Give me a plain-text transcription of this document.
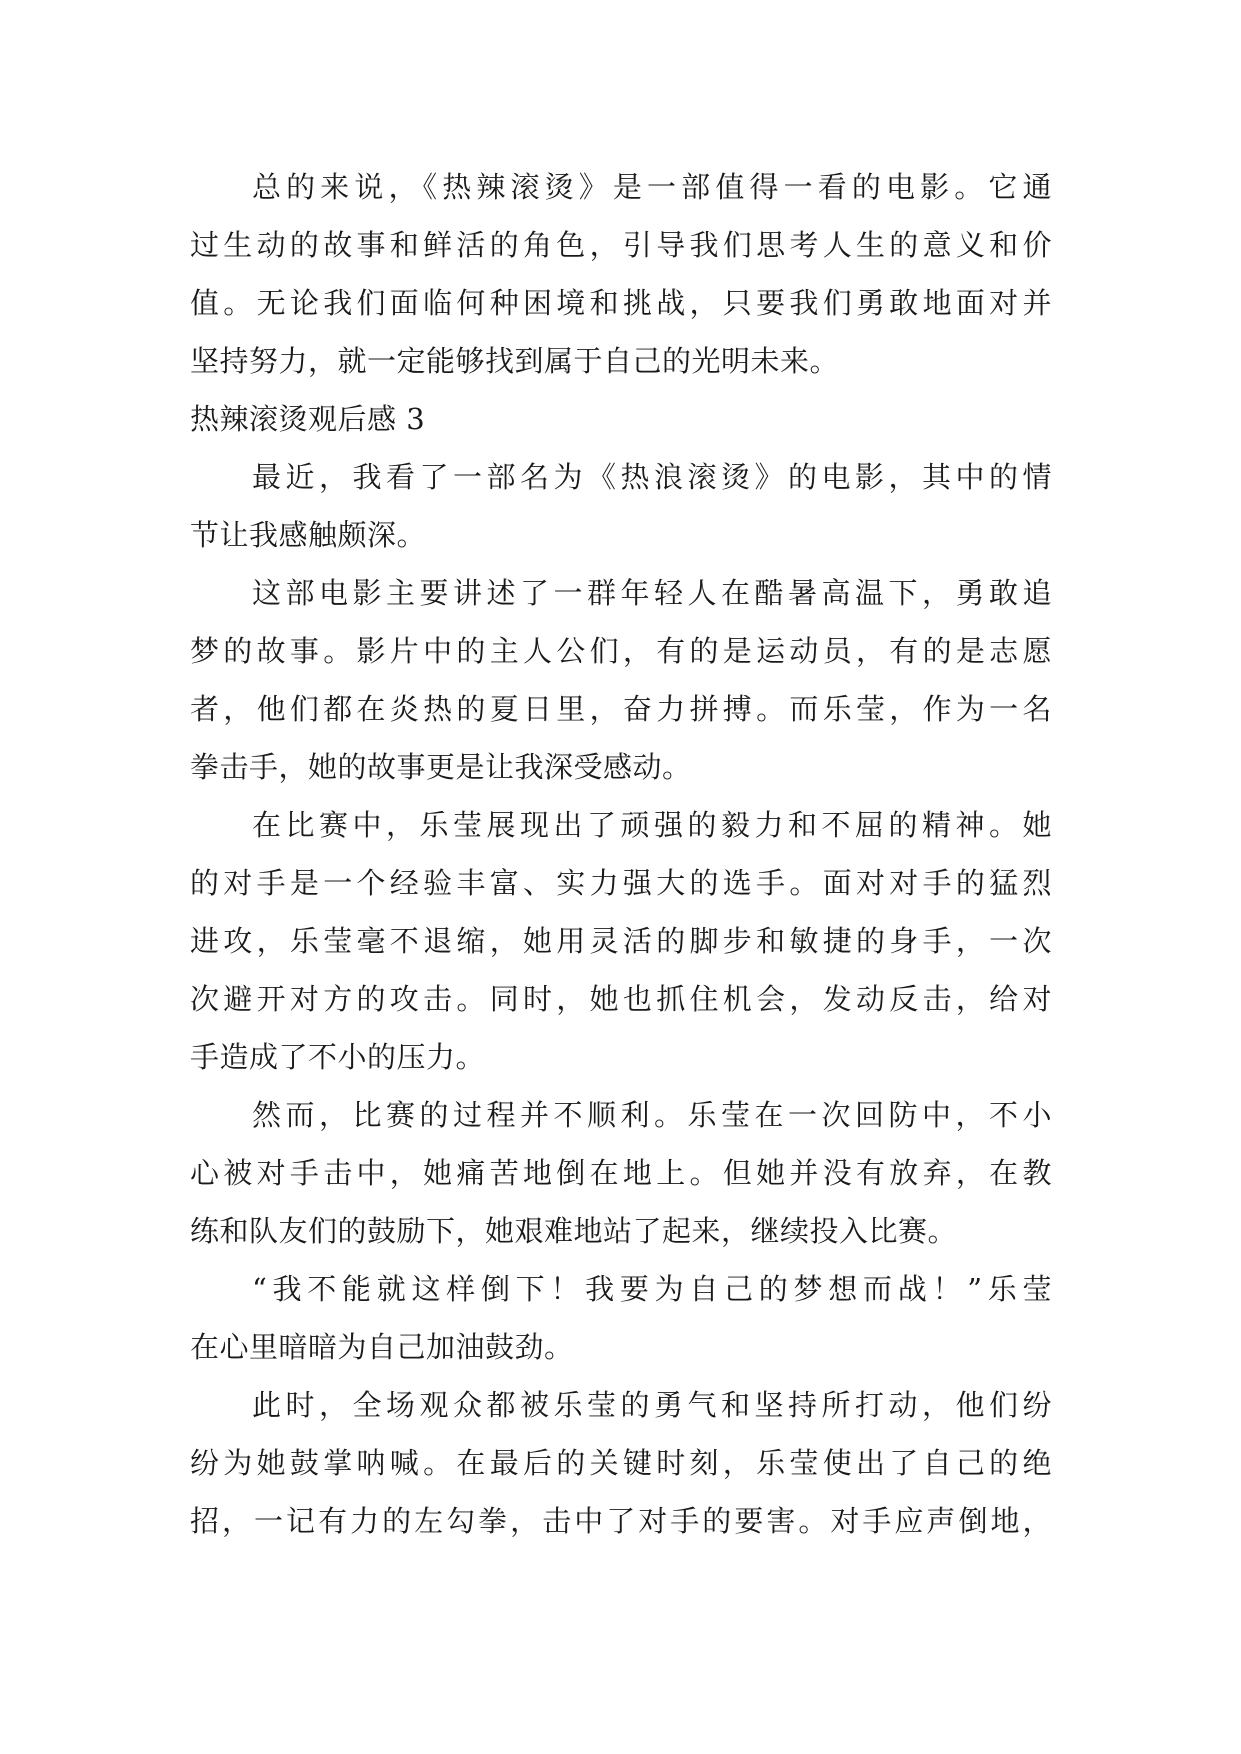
总的来说，《热辣滚烫》是一部值得一看的电影。它通
过生动的故事和鲜活的角色，引导我们思考人生的意义和价
值。无论我们面临何种困境和挑战，只要我们勇敢地面对并
坚持努力，就一定能够找到属于自己的光明未来。
热辣滚烫观后感 3
最近，我看了一部名为《热浪滚烫》的电影，其中的情
节让我感触颇深。
这部电影主要讲述了一群年轻人在酷暑高温下，勇敢追
梦的故事。影片中的主人公们，有的是运动员，有的是志愿
者，他们都在炎热的夏日里，奋力拼搏。而乐莹，作为一名
拳击手，她的故事更是让我深受感动。
在比赛中，乐莹展现出了顽强的毅力和不屈的精神。她
的对手是一个经验丰富、实力强大的选手。面对对手的猛烈
进攻，乐莹毫不退缩，她用灵活的脚步和敏捷的身手，一次
次避开对方的攻击。同时，她也抓住机会，发动反击，给对
手造成了不小的压力。
然而，比赛的过程并不顺利。乐莹在一次回防中，不小
心被对手击中，她痛苦地倒在地上。但她并没有放弃，在教
练和队友们的鼓励下，她艰难地站了起来，继续投入比赛。
“我不能就这样倒下！我要为自己的梦想而战！”乐莹
在心里暗暗为自己加油鼓劲。
此时，全场观众都被乐莹的勇气和坚持所打动，他们纷
纷为她鼓掌呐喊。在最后的关键时刻，乐莹使出了自己的绝
招，一记有力的左勾拳，击中了对手的要害。对手应声倒地，
